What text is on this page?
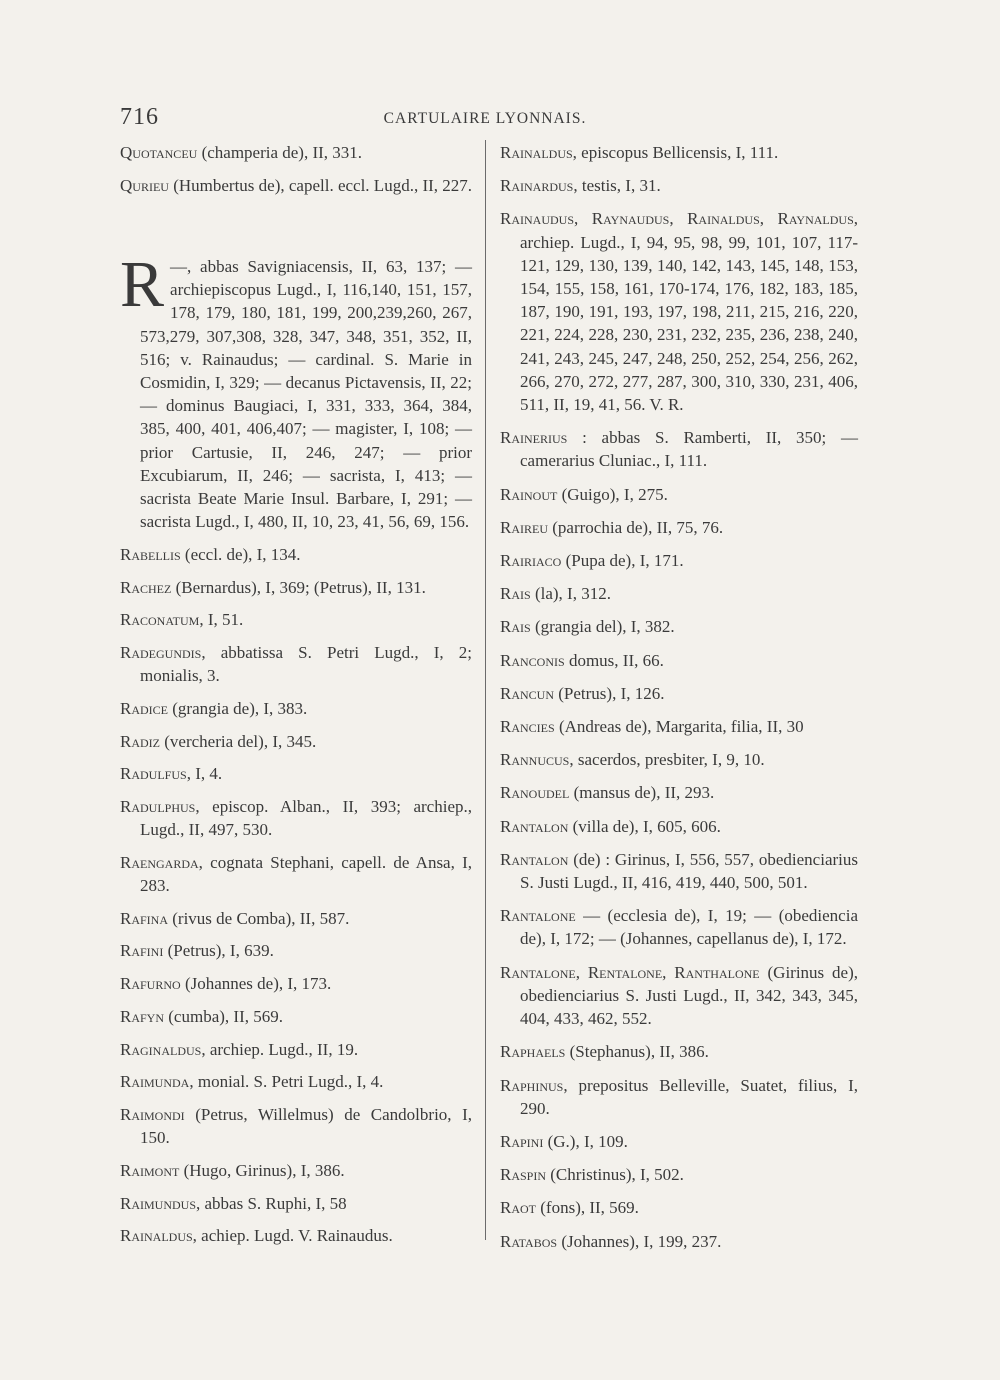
716	CARTULAIRE LYONNAIS.

Quotanceu (champeria de), II, 331.

Qurieu (Humbertus de), capell. eccl. Lugd., II, 227.

R —, abbas Savigniacensis, II, 63, 137; —archiepiscopus Lugd., I, 116,140, 151, 157, 178, 179, 180, 181, 199, 200,239,260, 267, 573,279, 307,308, 328, 347, 348, 351, 352, II, 516; v. Rainaudus; — cardinal. S. Marie in Cosmidin, I, 329; — decanus Pictavensis, II, 22; — dominus Baugiaci, I, 331, 333, 364, 384, 385, 400, 401, 406,407; — magister, I, 108; — prior Cartusie, II, 246, 247; — prior Excubiarum, II, 246; — sacrista, I, 413; — sacrista Beate Marie Insul. Barbare, I, 291; — sacrista Lugd., I, 480, II, 10, 23, 41, 56, 69, 156.

Rabellis (eccl. de), I, 134.

Rachez (Bernardus), I, 369; (Petrus), II, 131.

Raconatum, I, 51.

Radegundis, abbatissa S. Petri Lugd., I, 2; monialis, 3.

Radice (grangia de), I, 383.

Radiz (vercheria del), I, 345.

Radulfus, I, 4.

Radulphus, episcop. Alban., II, 393; archiep., Lugd., II, 497, 530.

Raengarda, cognata Stephani, capell. de Ansa, I, 283.

Rafina (rivus de Comba), II, 587.

Rafini (Petrus), I, 639.

Rafurno (Johannes de), I, 173.

Rafyn (cumba), II, 569.

Raginaldus, archiep. Lugd., II, 19.

Raimunda, monial. S. Petri Lugd., I, 4.

Raimondi (Petrus, Willelmus) de Candolbrio, I, 150.

Raimont (Hugo, Girinus), I, 386.

Raimundus, abbas S. Ruphi, I, 58

Rainaldus, achiep. Lugd. V. Rainaudus.

Rainaldus, episcopus Bellicensis, I, 111.

Rainardus, testis, I, 31.

Rainaudus, Raynaudus, Rainaldus, Raynaldus, archiep. Lugd., I, 94, 95, 98, 99, 101, 107, 117-121, 129, 130, 139, 140, 142, 143, 145, 148, 153, 154, 155, 158, 161, 170-174, 176, 182, 183, 185, 187, 190, 191, 193, 197, 198, 211, 215, 216, 220, 221, 224, 228, 230, 231, 232, 235, 236, 238, 240, 241, 243, 245, 247, 248, 250, 252, 254, 256, 262, 266, 270, 272, 277, 287, 300, 310, 330, 231, 406, 511, II, 19, 41, 56. V. R.

Rainerius : abbas S. Ramberti, II, 350; — camerarius Cluniac., I, 111.

Rainout (Guigo), I, 275.

Raireu (parrochia de), II, 75, 76.

Rairiaco (Pupa de), I, 171.

Rais (la), I, 312.

Rais (grangia del), I, 382.

Ranconis domus, II, 66.

Rancun (Petrus), I, 126.

Rancies (Andreas de), Margarita, filia, II, 30

Rannucus, sacerdos, presbiter, I, 9, 10.

Ranoudel (mansus de), II, 293.

Rantalon (villa de), I, 605, 606.

Rantalon (de) : Girinus, I, 556, 557, obedienciarius S. Justi Lugd., II, 416, 419, 440, 500, 501.

Rantalone — (ecclesia de), I, 19; — (obediencia de), I, 172; — (Johannes, capellanus de), I, 172.

Rantalone, Rentalone, Ranthalone (Girinus de), obedienciarius S. Justi Lugd., II, 342, 343, 345, 404, 433, 462, 552.

Raphaels (Stephanus), II, 386.

Raphinus, prepositus Belleville, Suatet, filius, I, 290.

Rapini (G.), I, 109.

Raspin (Christinus), I, 502.

Raot (fons), II, 569.

Ratabos (Johannes), I, 199, 237.
